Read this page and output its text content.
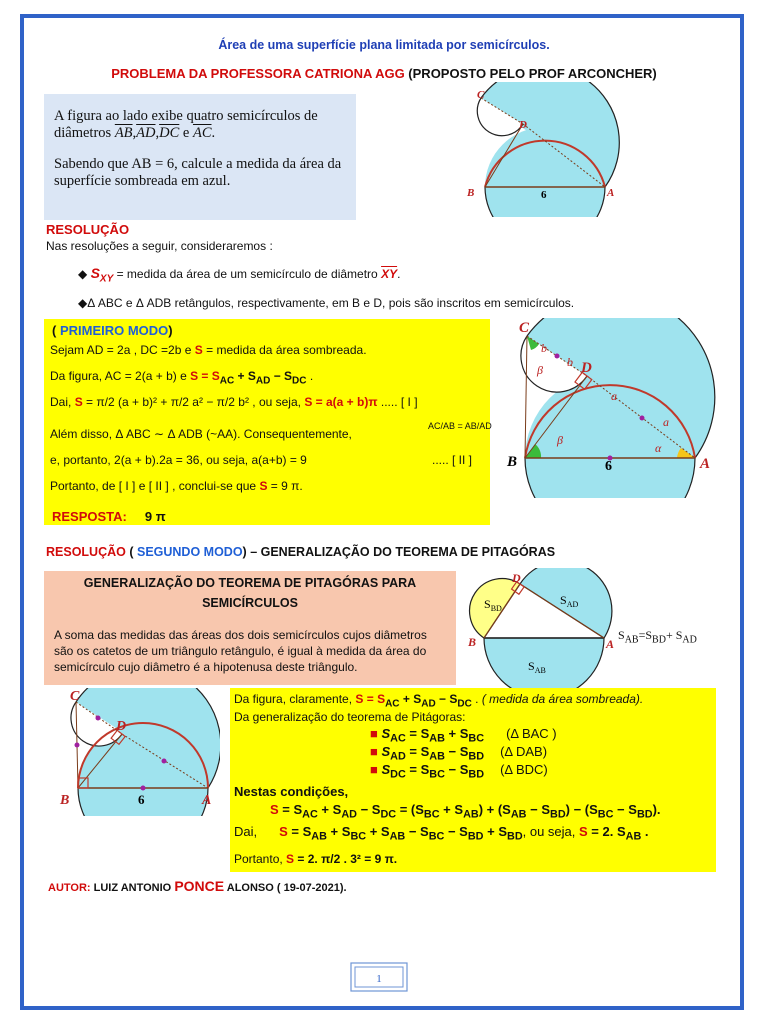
Área de uma superfície plana limitada por semicírculos.
PROBLEMA DA PROFESSORA CATRIONA AGG (PROPOSTO PELO PROF ARCONCHER)

A figura ao lado exibe quatro semicírculos de diâmetros $\overline{AB},\overline{AD},\overline{DC}$ e $\overline{AC}$.

Sabendo que AB = 6, calcule a medida da área da superfície sombreada em azul.

C
D
B	A
6
RESOLUÇÃO
Nas resoluções a seguir, consideraremos :
◆ $S_{XY}$ = medida da área de um semicírculo de diâmetro $\overline{XY}$.
◆Δ ABC e Δ ADB retângulos, respectivamente, em B e D, pois são inscritos em semicírculos.
( PRIMEIRO MODO)
Sejam AD = 2a , DC =2b e S = medida da área sombreada.
Da figura, AC = 2(a + b) e $S = S_{AC} + S_{AD} - S_{DC}$ .
Dai, S = π/2 (a + b)² + π/2 a² − π/2 b² , ou seja, S = a(a + b)π ..... [ I ]
Além disso, Δ ABC ∼ Δ ADB (~AA). Consequentemente,
AC/AB = AB/AD
e, portanto, 2(a + b).2a = 36, ou seja, a(a+b) = 9	..... [ II ]
Portanto, de [ I ] e [ II ] , conclui-se que S = 9 π.
RESPOSTA: 9 π
C
D
B	A
6
b
b
β
β
a
a
α
RESOLUÇÃO ( SEGUNDO MODO) – GENERALIZAÇÃO DO TEOREMA DE PITAGÓRAS
GENERALIZAÇÃO DO TEOREMA DE PITAGÓRAS PARA SEMICÍRCULOS

A soma das medidas das áreas dos dois semicírculos cujos diâmetros são os catetos de um triângulo retângulo, é igual à medida da área do semicírculo cujo diâmetro é a hipotenusa deste triângulo.

$S_{BD}$
$S_{AD}$
$S_{AB}$
D
B	A
$S_{AB}=S_{BD}+ S_{AD}$
C
D
B	A
6
Da figura, claramente, $S = S_{AC} + S_{AD} - S_{DC}$ . ( medida da área sombreada).
Da generalização do teorema de Pitágoras:
■ $S_{AC} = S_{AB} + S_{BC}$ (Δ BAC )
■ $S_{AD} = S_{AB} - S_{BD}$ (Δ DAB)
■ $S_{DC} = S_{BC} - S_{BD}$ (Δ BDC)
Nestas condições,
$S = S_{AC} + S_{AD} - S_{DC} = (S_{BC} + S_{AB}) + (S_{AB} - S_{BD}) - (S_{BC} - S_{BD})$.
Dai, $S = S_{AB} + S_{BC} + S_{AB} - S_{BC} - S_{BD} + S_{BD}$, ou seja, S = 2. $S_{AB}$ .
Portanto, S = 2. π/2 . 3² = 9 π.
AUTOR: LUIZ ANTONIO PONCE ALONSO ( 19-07-2021).
1
